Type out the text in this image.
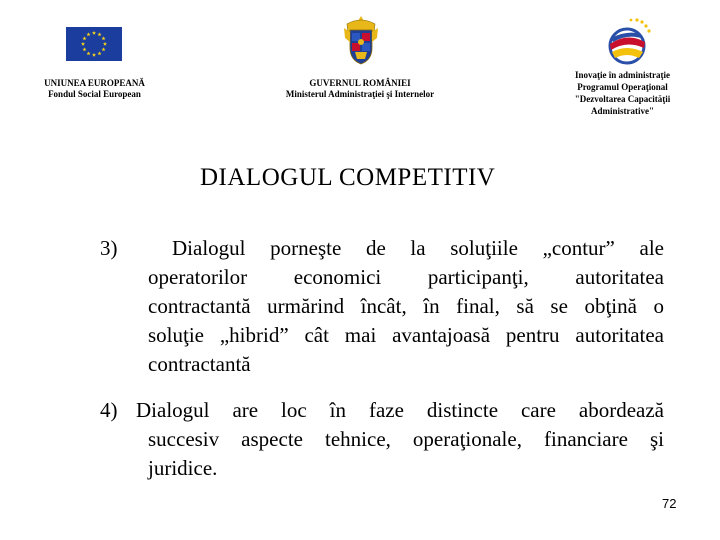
UNIUNEA EUROPEANĂ
Fondul Social European
GUVERNUL ROMÂNIEI
Ministerul Administraţiei şi Internelor
Inovaţie în administraţie
Programul Operaţional
"Dezvoltarea Capacităţii
Administrative"
DIALOGUL COMPETITIV
3)	Dialogul porneşte de la soluţiile „contur” ale
operatorilor economici participanţi, autoritatea
contractantă urmărind încât, în final, să se obţină o
soluţie „hibrid” cât mai avantajoasă pentru autoritatea
contractantă
4) Dialogul are loc în faze distincte care abordează
succesiv aspecte tehnice, operaţionale, financiare şi
juridice.
72
